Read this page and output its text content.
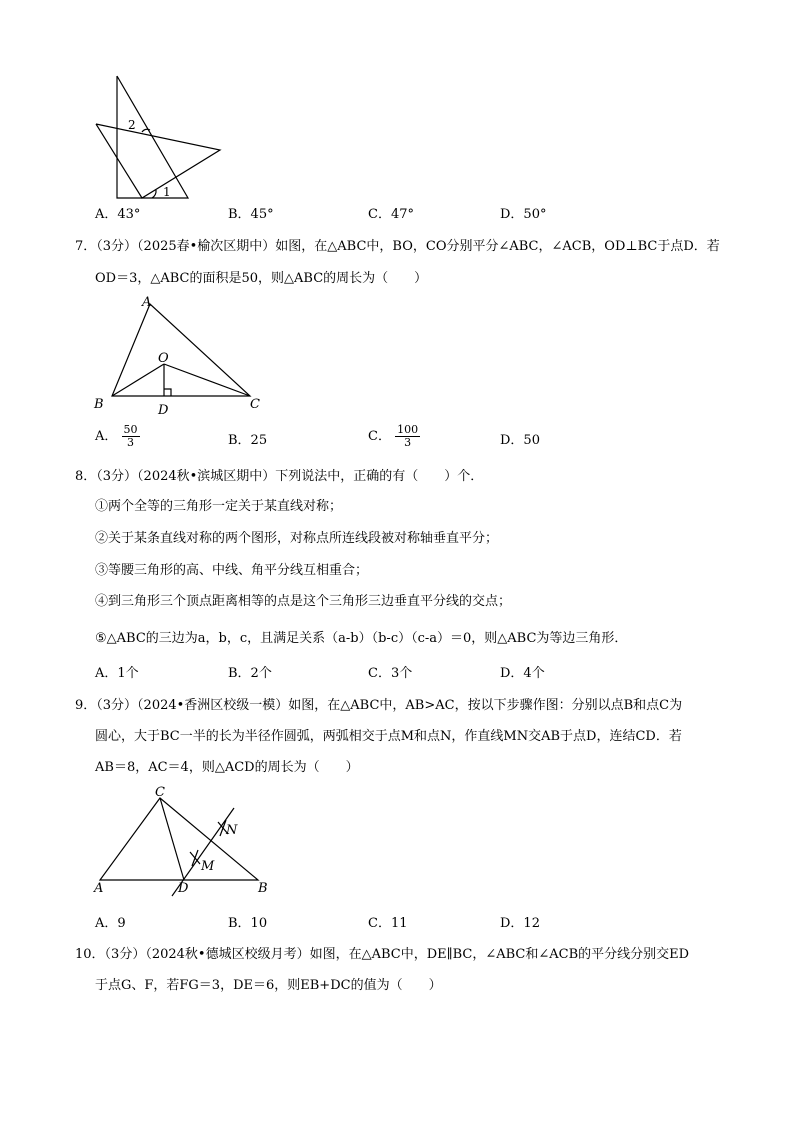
2
1
A．43°	B．45°	C．47°	D．50°
7．（3分）（2025春•榆次区期中）如图，在△ABC中，BO，CO分别平分∠ABC，∠ACB，OD⊥BC于点D．若
OD＝3，△ABC的面积是50，则△ABC的周长为（　　）
A
B	C
O
D
A． $\frac{50}{3}$	B．25	C． $\frac{100}{3}$	D．50
8．（3分）（2024秋•滨城区期中）下列说法中，正确的有（　　）个．
①两个全等的三角形一定关于某直线对称；
②关于某条直线对称的两个图形，对称点所连线段被对称轴垂直平分；
③等腰三角形的高、中线、角平分线互相重合；
④到三角形三个顶点距离相等的点是这个三角形三边垂直平分线的交点；
⑤△ABC的三边为a，b，c，且满足关系（a-b）（b-c）（c-a）＝0，则△ABC为等边三角形．
A．1个	B．2个	C．3个	D．4个
9．（3分）（2024•香洲区校级一模）如图，在△ABC中，AB>AC，按以下步骤作图：分别以点B和点C为
圆心，大于BC一半的长为半径作圆弧，两弧相交于点M和点N，作直线MN交AB于点D，连结CD．若
AB＝8，AC＝4，则△ACD的周长为（　　）
C
N
M
A	D	B
A．9	B．10	C．11	D．12
10．（3分）（2024秋•德城区校级月考）如图，在△ABC中，DE∥BC，∠ABC和∠ACB的平分线分别交ED
于点G、F，若FG＝3，DE＝6，则EB+DC的值为（　　）
